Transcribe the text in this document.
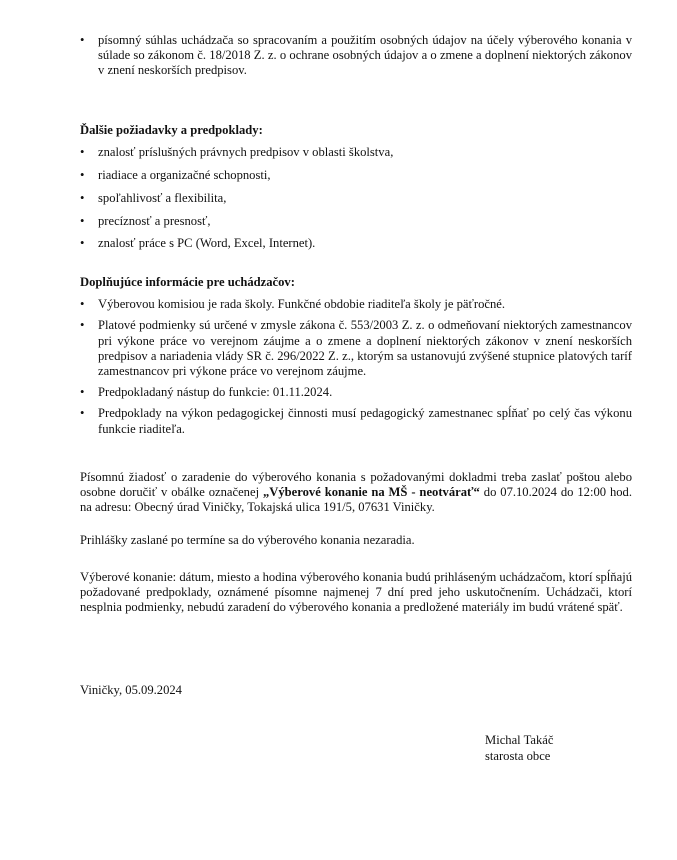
• písomný súhlas uchádzača so spracovaním a použitím osobných údajov na účely výberového konania v súlade so zákonom č. 18/2018 Z. z. o ochrane osobných údajov a o zmene a doplnení niektorých zákonov v znení neskorších predpisov.
Ďalšie požiadavky a predpoklady:
• znalosť príslušných právnych predpisov v oblasti školstva,
• riadiace a organizačné schopnosti,
• spoľahlivosť a flexibilita,
• precíznosť a presnosť,
• znalosť práce s PC (Word, Excel, Internet).
Doplňujúce informácie pre uchádzačov:
• Výberovou komisiou je rada školy. Funkčné obdobie riaditeľa školy je päťročné.
• Platové podmienky sú určené v zmysle zákona č. 553/2003 Z. z. o odmeňovaní niektorých zamestnancov pri výkone práce vo verejnom záujme a o zmene a doplnení niektorých zákonov v znení neskorších predpisov a nariadenia vlády SR č. 296/2022 Z. z., ktorým sa ustanovujú zvýšené stupnice platových taríf zamestnancov pri výkone práce vo verejnom záujme.
• Predpokladaný nástup do funkcie: 01.11.2024.
• Predpoklady na výkon pedagogickej činnosti musí pedagogický zamestnanec spĺňať po celý čas výkonu funkcie riaditeľa.
Písomnú žiadosť o zaradenie do výberového konania s požadovanými dokladmi treba zaslať poštou alebo osobne doručiť v obálke označenej „Výberové konanie na MŠ - neotvárať“ do 07.10.2024 do 12:00 hod. na adresu: Obecný úrad Viničky, Tokajská ulica 191/5, 07631 Viničky.

Prihlášky zaslané po termíne sa do výberového konania nezaradia.

Výberové konanie: dátum, miesto a hodina výberového konania budú prihláseným uchádzačom, ktorí spĺňajú požadované predpoklady, oznámené písomne najmenej 7 dní pred jeho uskutočnením. Uchádzači, ktorí nesplnia podmienky, nebudú zaradení do výberového konania a predložené materiály im budú vrátené späť.

Viničky, 05.09.2024

Michal Takáč
starosta obce
